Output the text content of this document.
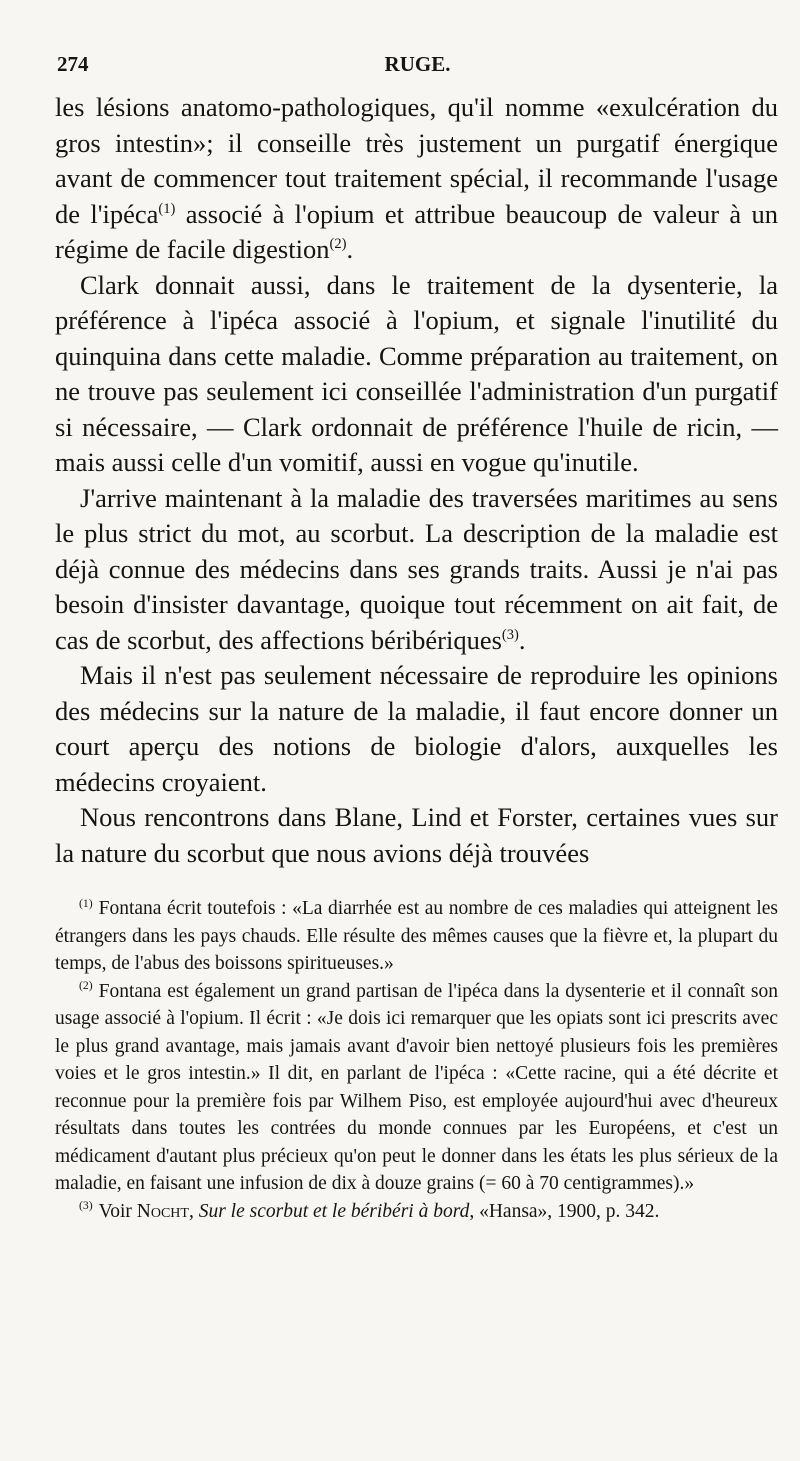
274	RUGE.

les lésions anatomo-pathologiques, qu'il nomme «exulcération du gros intestin»; il conseille très justement un purgatif énergique avant de commencer tout traitement spécial, il recommande l'usage de l'ipéca$^{(1)}$ associé à l'opium et attribue beaucoup de valeur à un régime de facile digestion$^{(2)}$.

Clark donnait aussi, dans le traitement de la dysenterie, la préférence à l'ipéca associé à l'opium, et signale l'inutilité du quinquina dans cette maladie. Comme préparation au traitement, on ne trouve pas seulement ici conseillée l'administration d'un purgatif si nécessaire, — Clark ordonnait de préférence l'huile de ricin, — mais aussi celle d'un vomitif, aussi en vogue qu'inutile.

J'arrive maintenant à la maladie des traversées maritimes au sens le plus strict du mot, au scorbut. La description de la maladie est déjà connue des médecins dans ses grands traits. Aussi je n'ai pas besoin d'insister davantage, quoique tout récemment on ait fait, de cas de scorbut, des affections béribériques$^{(3)}$.

Mais il n'est pas seulement nécessaire de reproduire les opinions des médecins sur la nature de la maladie, il faut encore donner un court aperçu des notions de biologie d'alors, auxquelles les médecins croyaient.

Nous rencontrons dans Blane, Lind et Forster, certaines vues sur la nature du scorbut que nous avions déjà trouvées

$^{(1)}$ Fontana écrit toutefois : «La diarrhée est au nombre de ces maladies qui atteignent les étrangers dans les pays chauds. Elle résulte des mêmes causes que la fièvre et, la plupart du temps, de l'abus des boissons spiritueuses.»

$^{(2)}$ Fontana est également un grand partisan de l'ipéca dans la dysenterie et il connaît son usage associé à l'opium. Il écrit : «Je dois ici remarquer que les opiats sont ici prescrits avec le plus grand avantage, mais jamais avant d'avoir bien nettoyé plusieurs fois les premières voies et le gros intestin.» Il dit, en parlant de l'ipéca : «Cette racine, qui a été décrite et reconnue pour la première fois par Wilhem Piso, est employée aujourd'hui avec d'heureux résultats dans toutes les contrées du monde connues par les Européens, et c'est un médicament d'autant plus précieux qu'on peut le donner dans les états les plus sérieux de la maladie, en faisant une infusion de dix à douze grains (= 60 à 70 centigrammes).»

$^{(3)}$ Voir Nocht, Sur le scorbut et le béribéri à bord, «Hansa», 1900, p. 342.
